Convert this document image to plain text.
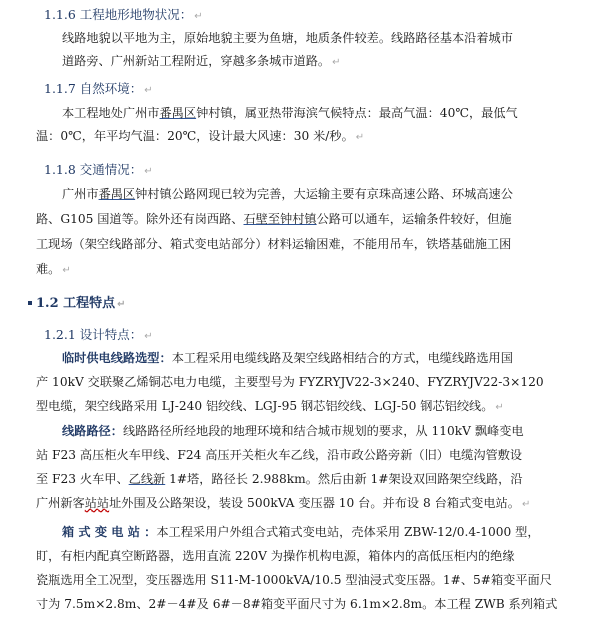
1.1.6 工程地形地物状况： ↵
线路地貌以平地为主，原始地貌主要为鱼塘，地质条件较差。线路路径基本沿着城市
道路旁、广州新站工程附近，穿越多条城市道路。 ↵
1.1.7 自然环境： ↵
本工程地处广州市番禺区钟村镇，属亚热带海滨气候特点：最高气温：40℃，最低气
温：0℃，年平均气温：20℃，设计最大风速：30 米/秒。 ↵
1.1.8 交通情况： ↵
广州市番禺区钟村镇公路网现已较为完善，大运输主要有京珠高速公路、环城高速公
路、G105 国道等。除外还有岗西路、石壁至钟村镇公路可以通车，运输条件较好，但施
工现场（架空线路部分、箱式变电站部分）材料运输困难，不能用吊车，铁塔基础施工困
难。 ↵
1.2 工程特点 ↵
1.2.1 设计特点： ↵
临时供电线路选型：本工程采用电缆线路及架空线路相结合的方式，电缆线路选用国
产 10kV 交联聚乙烯铜芯电力电缆，主要型号为 FYZRYJV22-3×240、FYZRYJV22-3×120
型电缆，架空线路采用 LJ-240 铝绞线、LGJ-95 钢芯铝绞线、LGJ-50 钢芯铝绞线。 ↵
线路路径：线路路径所经地段的地理环境和结合城市规划的要求，从 110kV 飘峰变电
站 F23 高压柜火车甲线、F24 高压开关柜火车乙线，沿市政公路旁新（旧）电缆沟管敷设
至 F23 火车甲、乙线新 1#塔，路径长 2.988km。然后由新 1#架设双回路架空线路，沿
广州新客站站址外围及公路架设，装设 500kVA 变压器 10 台。并布设 8 台箱式变电站。 ↵
箱 式 变 电 站 ：本工程采用户外组合式箱式变电站，壳体采用 ZBW-12/0.4-1000 型，
盯，有柜内配真空断路器，选用直流 220V 为操作机构电源，箱体内的高低压柜内的绝缘
瓷瓶选用全工况型，变压器选用 S11-M-1000kVA/10.5 型油浸式变压器。1#、5#箱变平面尺
寸为 7.5m×2.8m、2#－4#及 6#－8#箱变平面尺寸为 6.1m×2.8m。本工程 ZWB 系列箱式
